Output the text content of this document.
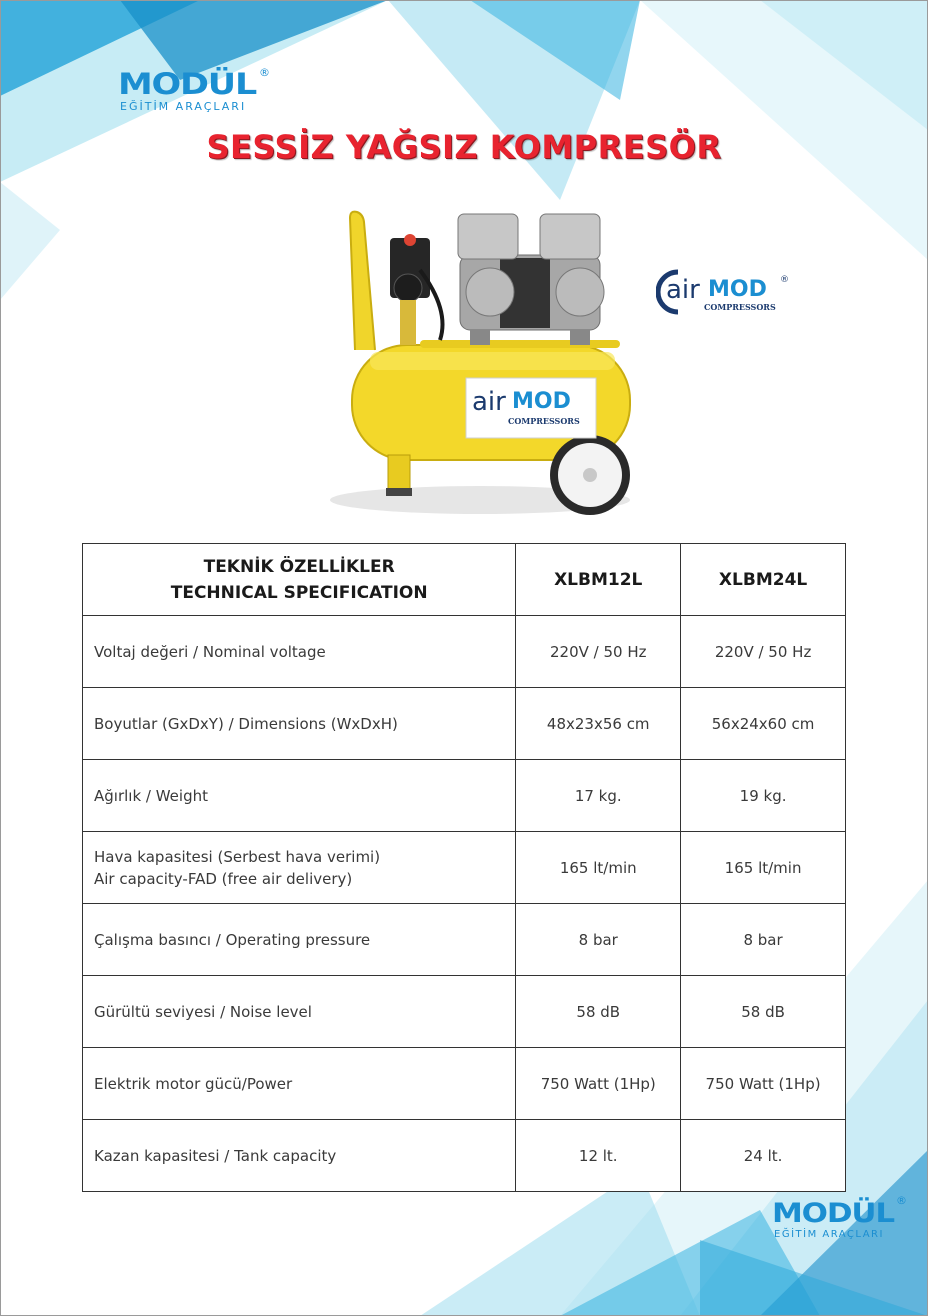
MODÜL ®
EĞİTİM ARAÇLARI
SESSİZ YAĞSIZ KOMPRESÖR
air MOD
COMPRESSORS
air MOD ®
COMPRESSORS
TEKNİK ÖZELLİKLER
TECHNICAL SPECIFICATION	XLBM12L	XLBM24L

Voltaj değeri / Nominal voltage	220V / 50 Hz	220V / 50 Hz

Boyutlar (GxDxY) / Dimensions (WxDxH)	48x23x56 cm	56x24x60 cm

Ağırlık / Weight	17 kg.	19 kg.

Hava kapasitesi (Serbest hava verimi)
Air capacity-FAD (free air delivery)	165 lt/min	165 lt/min

Çalışma basıncı / Operating pressure	8 bar	8 bar

Gürültü seviyesi / Noise level	58 dB	58 dB

Elektrik motor gücü/Power	750 Watt (1Hp)	750 Watt (1Hp)

Kazan kapasitesi / Tank capacity	12 lt.	24 lt.
MODÜL	®
EĞİTİM ARAÇLARI
